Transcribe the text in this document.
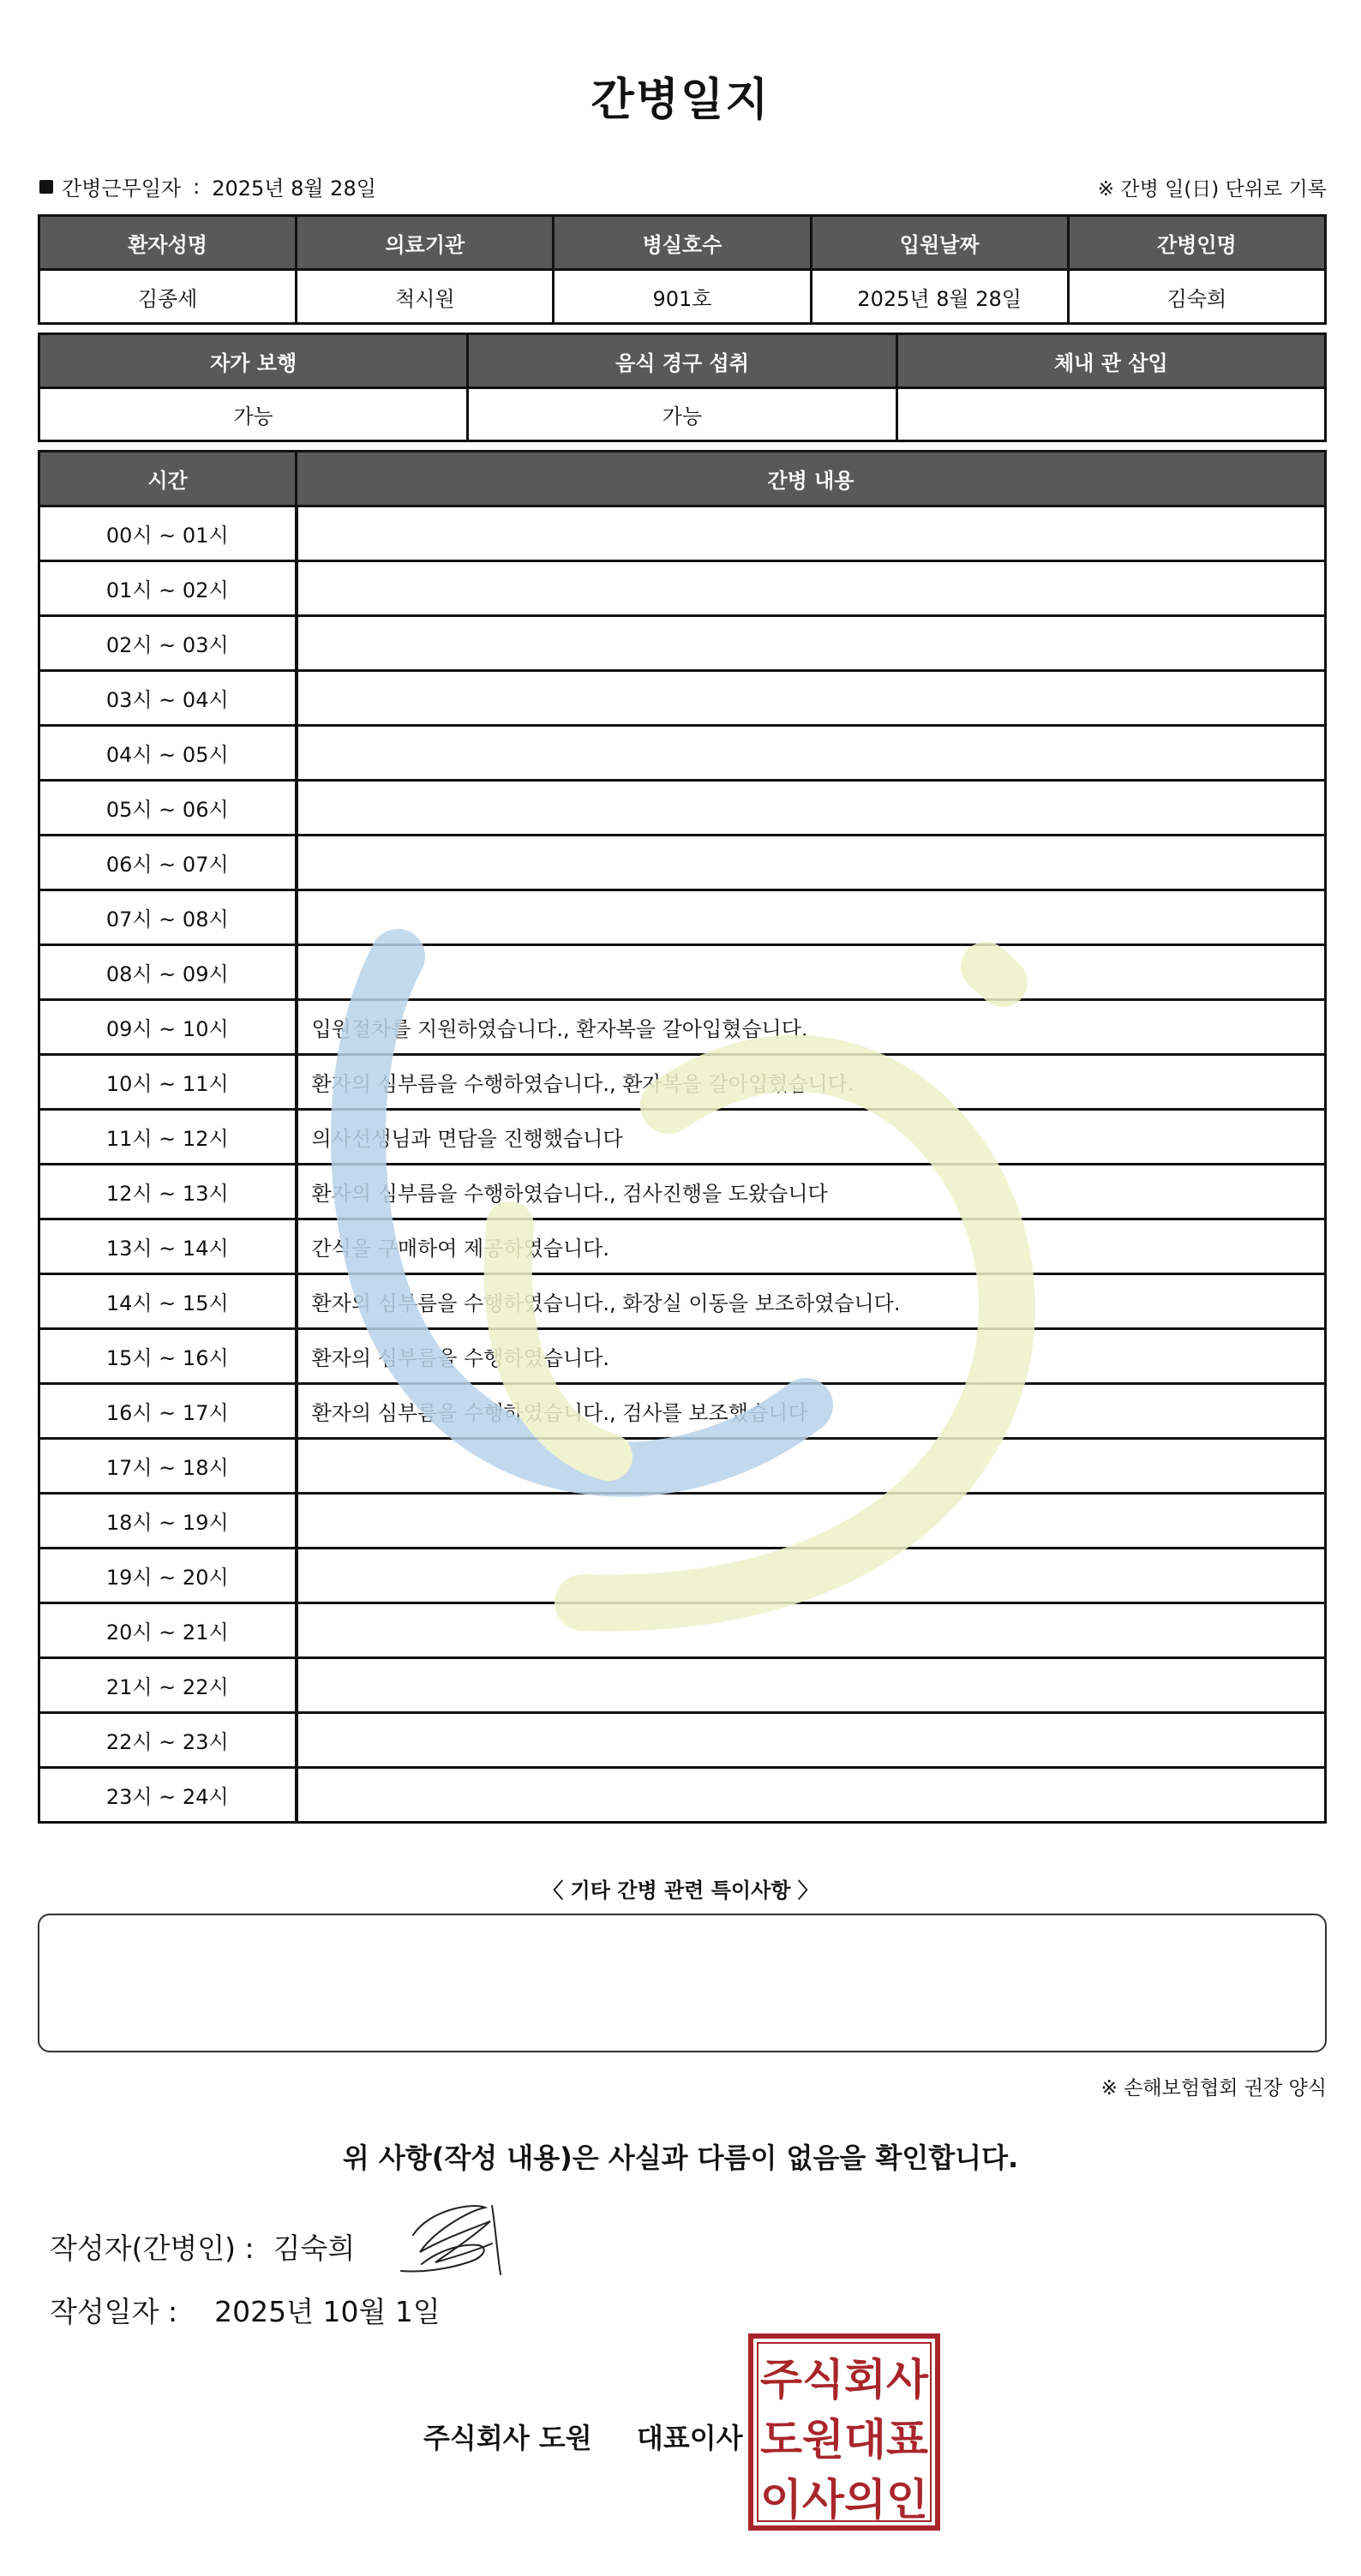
간병일지
간병근무일자 : 2025년 8월 28일	※ 간병 일(日) 단위로 기록
환자성명	의료기관	병실호수	입원날짜	간병인명
김종세	척시원	901호	2025년 8월 28일	김숙희
자가 보행	음식 경구 섭취	체내 관 삽입
가능	가능	
시간	간병 내용
00시 ~ 01시	
01시 ~ 02시	
02시 ~ 03시	
03시 ~ 04시	
04시 ~ 05시	
05시 ~ 06시	
06시 ~ 07시	
07시 ~ 08시	
08시 ~ 09시	
09시 ~ 10시	입원절차를 지원하였습니다., 환자복을 갈아입혔습니다.
10시 ~ 11시	환자의 심부름을 수행하였습니다., 환자복을 갈아입혔습니다.
11시 ~ 12시	의사선생님과 면담을 진행했습니다
12시 ~ 13시	환자의 심부름을 수행하였습니다., 검사진행을 도왔습니다
13시 ~ 14시	간식을 구매하여 제공하였습니다.
14시 ~ 15시	환자의 심부름을 수행하였습니다., 화장실 이동을 보조하였습니다.
15시 ~ 16시	환자의 심부름을 수행하였습니다.
16시 ~ 17시	환자의 심부름을 수행하였습니다., 검사를 보조했습니다
17시 ~ 18시	
18시 ~ 19시	
19시 ~ 20시	
20시 ~ 21시	
21시 ~ 22시	
22시 ~ 23시	
23시 ~ 24시	
〈 기타 간병 관련 특이사항 〉
※ 손해보험협회 권장 양식
위 사항(작성 내용)은 사실과 다름이 없음을 확인합니다.
작성자(간병인) : 김숙희
작성일자 : 2025년 10월 1일
주식회사 도원 대표이사
주식회사
도원대표
이사의인
